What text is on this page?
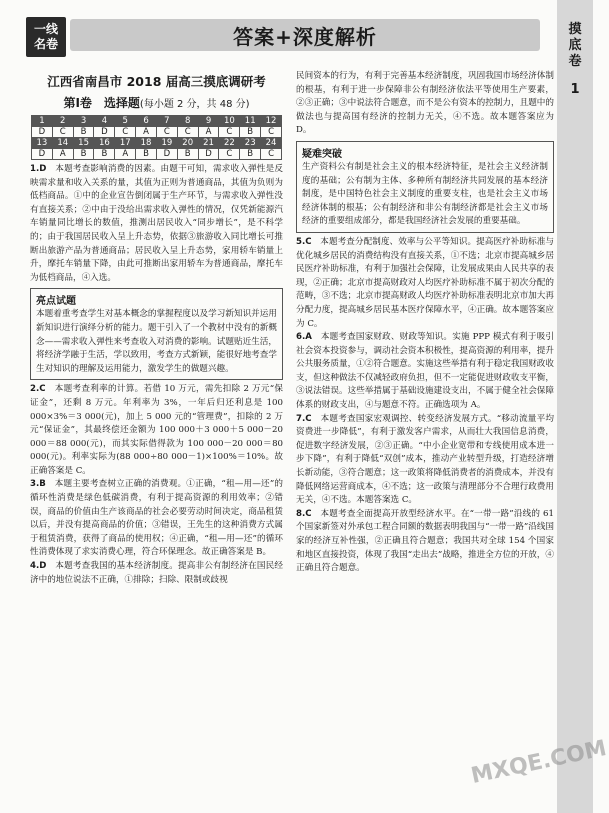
一线
名卷	答案+深度解析	摸底卷
1
江西省南昌市 2018 届高三摸底调研考
第Ⅰ卷　选择题(每小题 2 分，共 48 分)
1	2	3	4	5	6	7	8	9	10	11	12
D	C	B	D	C	A	C	C	A	C	B	C
13	14	15	16	17	18	19	20	21	22	23	24
D	A	B	B	A	B	D	B	D	C	B	C

1.D　 本题考查影响消费的因素。由题干可知，需求收入弹性是反映需求量和收入关系的量，其值为正则为普通商品，其值为负则为低档商品。①中的企业宣告倒闭属于生产环节，与需求收入弹性没有直接关系；②中由于没给出需求收入弹性的情况，仅凭新能源汽车销量同比增长的数值，推测出居民收入“同步增长”，是不科学的；由于我国居民收入呈上升态势，依据③旅游收入同比增长可推断出旅游产品为普通商品；居民收入呈上升态势，家用轿车销量上升，摩托车销量下降，由此可推断出家用轿车为普通商品，摩托车为低档商品，④入选。

亮点试题

本题着重考查学生对基本概念的掌握程度以及学习新知识并运用新知识进行演绎分析的能力。题干引入了一个教材中没有的新概念——需求收入弹性来考查收入对消费的影响。试题贴近生活，将经济学融于生活，学以致用，考查方式新颖，能很好地考查学生对知识的理解及运用能力，激发学生的做题兴趣。

2.C　 本题考查利率的计算。若借 10 万元，需先扣除 2 万元“保证金”，还剩 8 万元。年利率为 3%，一年后归还利息是 100 000×3%＝3 000(元)，加上 5 000 元的“管理费”，扣除的 2 万元“保证金”，其最终偿还金额为 100 000＋3 000＋5 000－20 000＝88 000(元)，而其实际借得款为 100 000－20 000＝80 000(元)。利率实际为(88 000÷80 000－1)×100%＝10%。故正确答案是 C。

3.B　 本题主要考查树立正确的消费观。①正确，“租—用—还”的循环性消费是绿色低碳消费，有利于提高资源的利用效率；②错误，商品的价值由生产该商品的社会必要劳动时间决定，商品租赁以后，并没有提高商品的价值；③错误，王先生的这种消费方式属于租赁消费，获得了商品的使用权；④正确，“租—用—还”的循环性消费体现了求实消费心理，符合环保理念。故正确答案是 B。

4.D　 本题考查我国的基本经济制度。提高非公有制经济在国民经济中的地位说法不正确，①排除；扫除、限制或歧视

民间资本的行为，有利于完善基本经济制度，巩固我国市场经济体制的根基，有利于进一步保障非公有制经济依法平等使用生产要素，②③正确；③中说法符合题意，而不是公有资本的控制力，且题中的做法也与提高国有经济的控制力无关，④不选。故本题答案应为 D。

疑难突破

生产资料公有制是社会主义的根本经济特征，是社会主义经济制度的基础；公有制为主体、多种所有制经济共同发展的基本经济制度，是中国特色社会主义制度的重要支柱，也是社会主义市场经济体制的根基；公有制经济和非公有制经济都是社会主义市场经济的重要组成部分，都是我国经济社会发展的重要基础。

5.C　 本题考查分配制度、效率与公平等知识。提高医疗补助标准与优化城乡居民的消费结构没有直接关系，①不选；北京市提高城乡居民医疗补助标准，有利于加强社会保障，让发展成果由人民共享的表现，②正确；北京市提高财政对人均医疗补助标准不属于初次分配的范畴，③不选；北京市提高财政人均医疗补助标准表明北京市加大再分配力度，提高城乡居民基本医疗保障水平，④正确。故本题答案应为 C。

6.A　 本题考查国家财政、财政等知识。实施 PPP 模式有利于吸引社会资本投资参与，调动社会资本积极性，提高资源的利用率，提升公共服务质量，①②符合题意。实施这些举措有利于稳定我国财政收支，但这种做法不仅减轻政府负担，但不一定能促进财政收支平衡，③说法错误。这些举措属于基础设施建设支出，不属于健全社会保障体系的财政支出，④与题意不符。正确选项为 A。

7.C　 本题考查国家宏观调控、转变经济发展方式。“移动流量平均资费进一步降低”，有利于激发客户需求，从而壮大我国信息消费，促进数字经济发展，②③正确。“中小企业宽带和专线使用成本进一步下降”，有利于降低“双创”成本，推动产业转型升级，打造经济增长新动能，③符合题意；这一政策将降低消费者的消费成本，并没有降低网络运营商成本，④不选；这一政策与清理部分不合理行政费用无关，④不选。本题答案选 C。

8.C　 本题考查全面提高开放型经济水平。在“一带一路”沿线的 61 个国家新签对外承包工程合同额的数据表明我国与“一带一路”沿线国家的经济互补性强，②正确且符合题意；我国共对全球 154 个国家和地区直接投资，体现了我国“走出去”战略，推进全方位的开放，④正确且符合题意。

MXQE.COM
